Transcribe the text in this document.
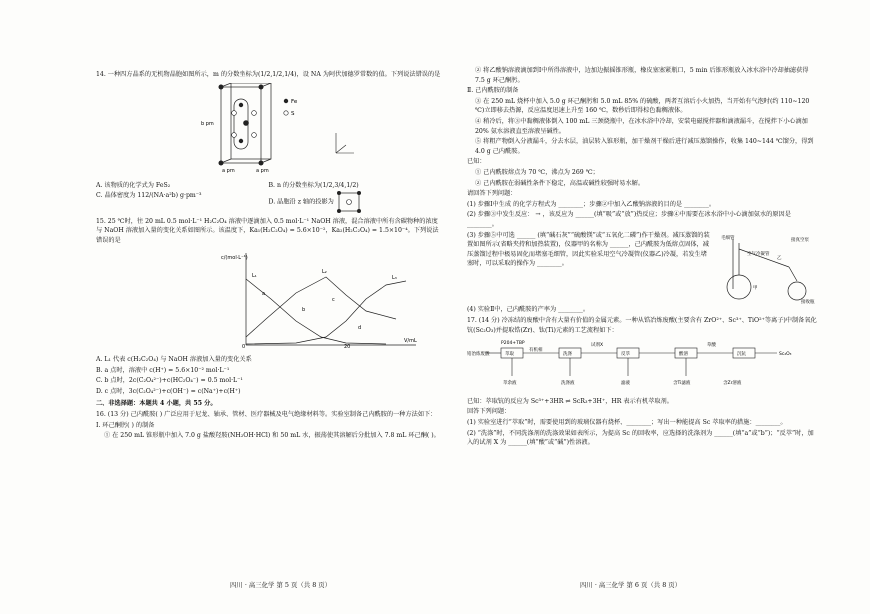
14. 一种四方晶系的无机物晶胞如图所示，m 的分数坐标为(1/2,1/2,1/4)，设 NA 为阿伏加德罗常数的值。下列说法错误的是

Fe
S
b pm
a pm	a pm
A. 该物质的化学式为 FeS₂	B. n 的分数坐标为(1/2,3/4,1/2)
C. 晶体密度为 112/(NA·a²b) g·pm⁻³
D. 晶胞沿 z 轴的投影为

15. 25 ℃时，往 20 mL 0.5 mol·L⁻¹ H₂C₂O₄ 溶液中逐滴加入 0.5 mol·L⁻¹ NaOH 溶液，混合溶液中所有含碳物种的浓度与 NaOH 溶液加入量的变化关系如图所示。该温度下，Ka₁(H₂C₂O₄) = 5.6×10⁻²，Ka₂(H₂C₂O₄) = 1.5×10⁻⁴。下列说法错误的是

c/(mol·L⁻¹)
V/mL
0	20
a
b
c
d
L₁
L₂
L₃

A. L₁ 代表 c(H₂C₂O₄) 与 NaOH 溶液加入量的变化关系

B. a 点时，溶液中 c(H⁺) = 5.6×10⁻² mol·L⁻¹

C. b 点时，2c(C₂O₄²⁻)+c(HC₂O₄⁻) = 0.5 mol·L⁻¹

D. c 点时，3c(C₂O₄²⁻)+c(OH⁻) = c(Na⁺)+c(H⁺)

二、非选择题：本题共 4 小题，共 55 分。

16. (13 分) 己内酰胺( ) 广泛应用于尼龙、轴承、管材、医疗器械及电气绝缘材料等。实验室制备己内酰胺的一种方法如下：

Ⅰ. 环己酮肟( ) 的制备

① 在 250 mL 锥形瓶中加入 7.0 g 盐酸羟胺(NH₂OH·HCl) 和 50 mL 水，振荡使其溶解后分批加入 7.8 mL 环己酮( )。

② 将乙酸钠溶液滴加到Ⅰ中所得溶液中，边加边振摇锥形瓶，橡皮塞塞紧瓶口，5 min 后锥形瓶放入冰水浴中冷却抽滤获得 7.5 g 环己酮肟。

Ⅱ. 己内酰胺的制备

③ 在 250 mL 烧杯中加入 5.0 g 环己酮肟和 5.0 mL 85% 的硫酸，两者互溶后小火加热，当开始有气泡时(约 110~120 ℃)立即移去热源，反应温度迅速上升至 160 ℃，数秒后即得棕色黏稠液体。

④ 稍冷后，将③中黏稠液体倒入 100 mL 三颈烧瓶中，在冰水浴中冷却，安装电磁搅拌器和滴液漏斗，在搅拌下小心滴加 20% 氨水溶液直至溶液呈碱性。

⑤ 将粗产物倒入分液漏斗，分去水层，油层转入锥形瓶，加干燥剂干燥后进行减压蒸馏操作，收集 140~144 ℃馏分，得到 4.0 g 己内酰胺。

已知：

① 己内酰胺熔点为 70 ℃，沸点为 269 ℃；

② 己内酰胺在弱碱性条件下稳定，高温或碱性较强时易水解。

请回答下列问题：

(1) 步骤Ⅰ中生成 的化学方程式为 ________；步骤②中加入乙酸钠溶液的目的是 ________。

(2) 步骤③中发生反应： → ，该反应为 ______(填“吸”或“放”)热反应；步骤④中需要在冰水浴中小心滴加氨水的原因是 ________。

(3) 步骤⑤中可选 ______ (填“碱石灰”“硫酸镁”或“五氧化二磷”)作干燥剂。减压蒸馏的装置如图所示(省略夹持和加热装置)，仪器甲的名称为 ______，己内酰胺为低熔点固体，减压蒸馏过程中极易固化而堵塞毛细管，因此实验采用空气冷凝管(仪器乙)冷凝，若发生堵塞时，可以采取的操作为 ________。

毛细管
空气冷凝管
甲
乙
接收瓶
接真空泵

(4) 实验Ⅱ中，己内酰胺的产率为 ________。

17. (14 分) 冷冻结的废酸中含有大量有价值的金属元素。一种从锆冶炼废酸(主要含有 ZrO²⁺、Sc³⁺、TiO²⁺等离子)中制备氧化钪(Sc₂O₃)并提取锆(Zr)、钛(Ti)元素的工艺流程如下：

锆冶炼废酸
P204+TBP
萃取
有机相
洗涤	反萃	酸溶	沉钪	Sc₂O₃
萃余液	洗涤液	滤液
试剂X	草酸
含Ti滤液	含Zr溶液

已知：萃取钪的反应为 Sc³⁺+3HR ⇌ ScR₃+3H⁺，HR 表示有机萃取剂。

回答下列问题：

(1) 实验室进行“萃取”时，需要使用到的玻璃仪器有烧杯、________；写出一种能提高 Sc 萃取率的措施：________。

(2) “洗涤”时，不同洗涤剂的洗涤效果如表所示，为提高 Sc 的回收率，应选择的洗涤剂为 ______(填“a”或“b”)；“反萃”时，加入的试剂 X 为 ______(填“酸”或“碱”)性溶液。

四川 · 高三化学 第 5 页（共 8 页）	四川 · 高三化学 第 6 页（共 8 页）
